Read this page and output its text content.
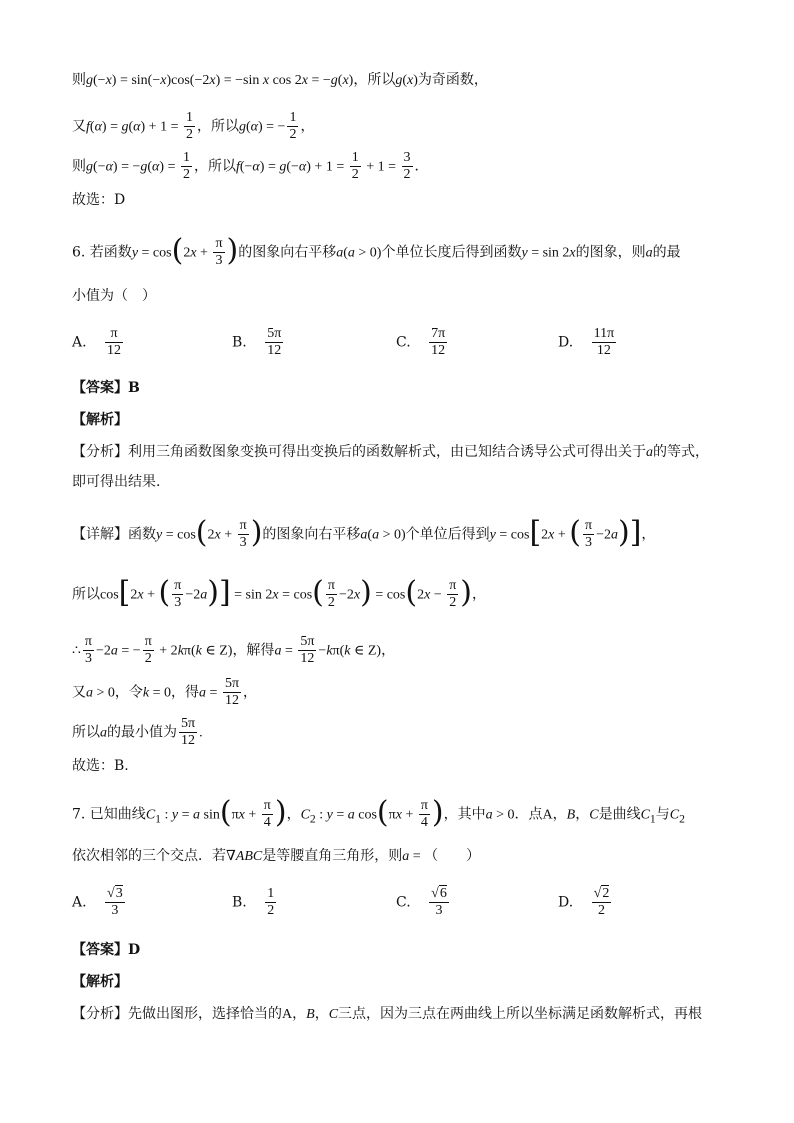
则g(−x) = sin(−x)cos(−2x) = −sin x cos 2x = −g(x)，所以g(x)为奇函数，
又$f(\alpha) = g(\alpha) + 1 = \frac{1}{2}$ ，所以g(α) = − $\frac{1}{2}$ ，
则$g(-\alpha) = -g(\alpha) = \frac{1}{2}$ ，所以$f(-\alpha) = g(-\alpha) + 1 = \frac{1}{2} + 1 = \frac{3}{2}$ ．
故选：D
6. 若函数$y = \cos(2x + \frac{\pi}{3}$ )的图象向右平移a(a > 0)个单位长度后得到函数y = sin 2x的图象，则a的最
小值为（　）
A. $\frac{\pi}{12}$	B. $\frac{5\pi}{12}$	C. $\frac{7\pi}{12}$	D. $\frac{11\pi}{12}$
【答案】B
【解析】
【分析】利用三角函数图象变换可得出变换后的函数解析式，由已知结合诱导公式可得出关于a的等式，
即可得出结果.
【详解】函数$y = \cos(2x + \frac{\pi}{3}$ )的图象向右平移a(a > 0)个单位后得到y = cos[2x + ( $\frac{\pi}{3} -2a$)]，
所以cos[2x + ( $\frac{\pi}{3} -2a)] = \sin 2x = \cos( \frac{\pi}{2} -2x) = \cos(2x - \frac{\pi}{2}$ )，
∴ $\frac{\pi}{3} -2a$ = − $\frac{\pi}{2} + 2k\pi(k$ ∈ Z)，解得$a = \frac{5\pi}{12} -k\pi(k$ ∈ Z)，
又a > 0，令k = 0，得$a = \frac{5\pi}{12}$ ，
所以a的最小值为 $\frac{5\pi}{12}$ .
故选：B.
7. 已知曲线$C_1$ : y = a $\sin(\pi x + \frac{\pi}{4}$ )，$C_2$ : y = a $\cos(\pi x + \frac{\pi}{4}$ )，其中a > 0．点A，B，C是曲线$C_1$与$C_2$
依次相邻的三个交点．若∇ABC是等腰直角三角形，则a = （　　）
A. $\frac{√3}{3}$	B. $\frac{1}{2}$	C. $\frac{√6}{3}$	D. $\frac{√2}{2}$
【答案】D
【解析】
【分析】先做出图形，选择恰当的A，B，C三点，因为三点在两曲线上所以坐标满足函数解析式，再根
